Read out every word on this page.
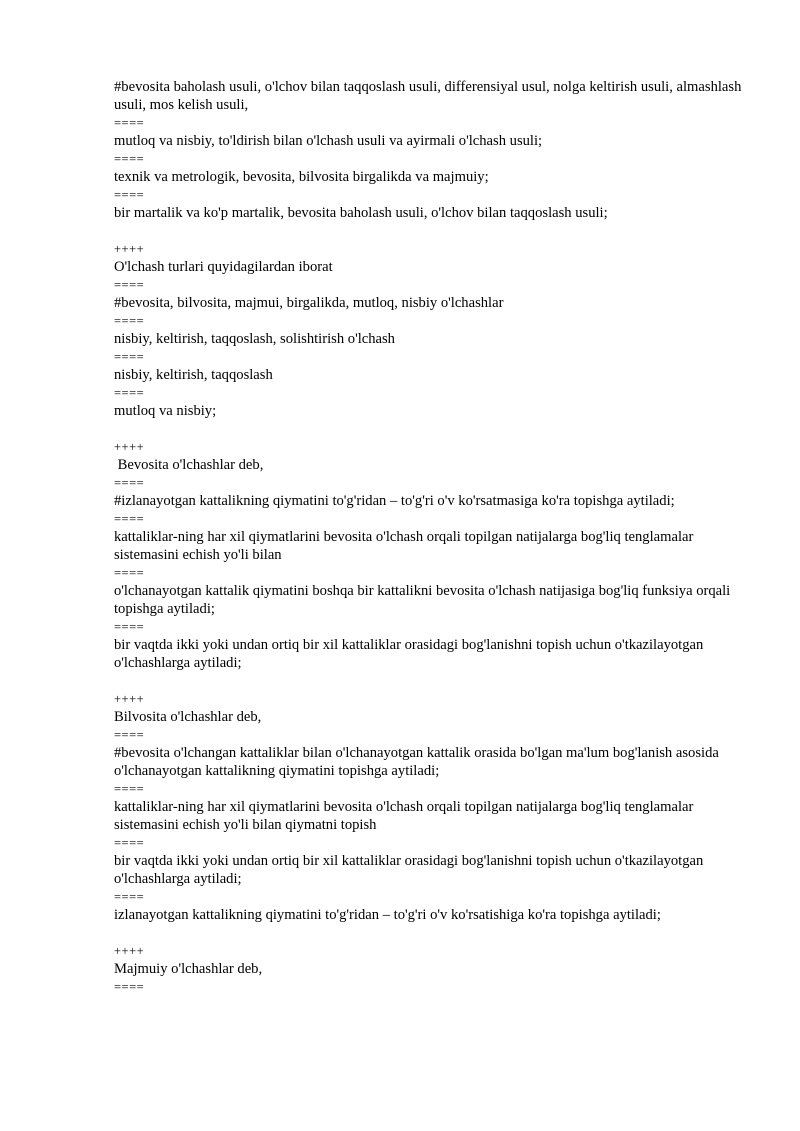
#bevosita baholash usuli, o'lchov bilan taqqoslash usuli, differensiyal usul, nolga keltirish usuli, almashlash usuli, mos kelish usuli,

====

mutloq va nisbiy, to'ldirish bilan o'lchash usuli va ayirmali o'lchash usuli;

====

texnik va metrologik, bevosita, bilvosita birgalikda va majmuiy;

====

bir martalik va ko'p martalik, bevosita baholash usuli, o'lchov bilan taqqoslash usuli;

++++

O'lchash turlari quyidagilardan iborat

====

#bevosita, bilvosita, majmui, birgalikda, mutloq, nisbiy o'lchashlar

====

nisbiy, keltirish, taqqoslash, solishtirish o'lchash

====

nisbiy, keltirish, taqqoslash

====

mutloq va nisbiy;

++++

Bevosita o'lchashlar deb,

====

#izlanayotgan kattalikning qiymatini to'g'ridan – to'g'ri o'v ko'rsatmasiga ko'ra topishga aytiladi;

====

kattaliklar-ning har xil qiymatlarini bevosita o'lchash orqali topilgan natijalarga bog'liq tenglamalar sistemasini echish yo'li bilan

====

o'lchanayotgan kattalik qiymatini boshqa bir kattalikni bevosita o'lchash natijasiga bog'liq funksiya orqali topishga aytiladi;

====

bir vaqtda ikki yoki undan ortiq bir xil kattaliklar orasidagi bog'lanishni topish uchun o'tkazilayotgan o'lchashlarga aytiladi;

++++

Bilvosita o'lchashlar deb,

====

#bevosita o'lchangan kattaliklar bilan o'lchanayotgan kattalik orasida bo'lgan ma'lum bog'lanish asosida o'lchanayotgan kattalikning qiymatini topishga aytiladi;

====

kattaliklar-ning har xil qiymatlarini bevosita o'lchash orqali topilgan natijalarga bog'liq tenglamalar sistemasini echish yo'li bilan qiymatni topish

====

bir vaqtda ikki yoki undan ortiq bir xil kattaliklar orasidagi bog'lanishni topish uchun o'tkazilayotgan o'lchashlarga aytiladi;

====

izlanayotgan kattalikning qiymatini to'g'ridan – to'g'ri o'v ko'rsatishiga ko'ra topishga aytiladi;

++++

Majmuiy o'lchashlar deb,

====
